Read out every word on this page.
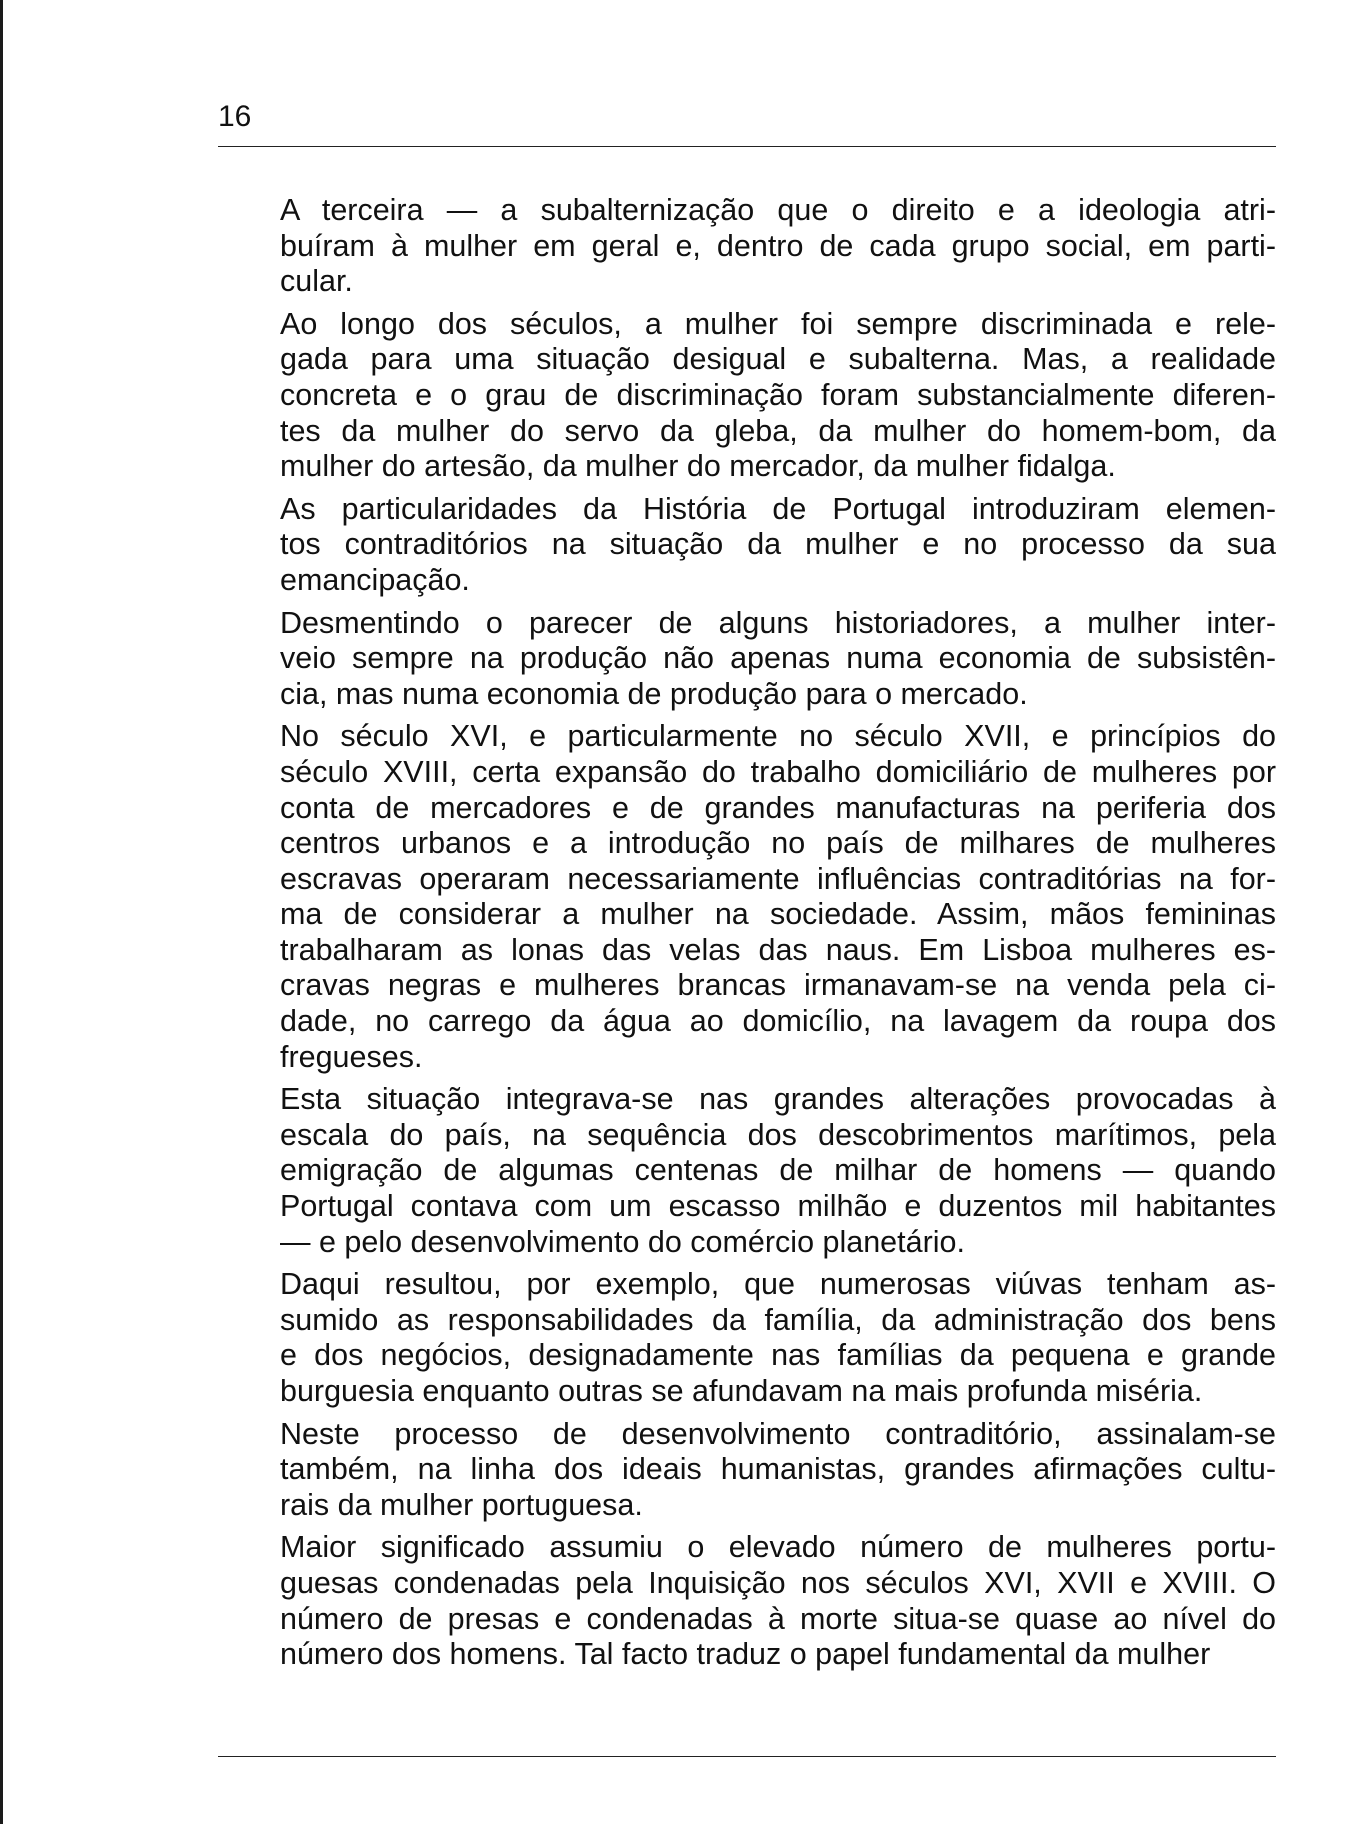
16

A terceira — a subalternização que o direito e a ideologia atri-
buíram à mulher em geral e, dentro de cada grupo social, em parti-
cular.

Ao longo dos séculos, a mulher foi sempre discriminada e rele-
gada para uma situação desigual e subalterna. Mas, a realidade
concreta e o grau de discriminação foram substancialmente diferen-
tes da mulher do servo da gleba, da mulher do homem-bom, da
mulher do artesão, da mulher do mercador, da mulher fidalga.

As particularidades da História de Portugal introduziram elemen-
tos contraditórios na situação da mulher e no processo da sua
emancipação.

Desmentindo o parecer de alguns historiadores, a mulher inter-
veio sempre na produção não apenas numa economia de subsistên-
cia, mas numa economia de produção para o mercado.

No século XVI, e particularmente no século XVII, e princípios do
século XVIII, certa expansão do trabalho domiciliário de mulheres por
conta de mercadores e de grandes manufacturas na periferia dos
centros urbanos e a introdução no país de milhares de mulheres
escravas operaram necessariamente influências contraditórias na for-
ma de considerar a mulher na sociedade. Assim, mãos femininas
trabalharam as lonas das velas das naus. Em Lisboa mulheres es-
cravas negras e mulheres brancas irmanavam-se na venda pela ci-
dade, no carrego da água ao domicílio, na lavagem da roupa dos
fregueses.

Esta situação integrava-se nas grandes alterações provocadas à
escala do país, na sequência dos descobrimentos marítimos, pela
emigração de algumas centenas de milhar de homens — quando
Portugal contava com um escasso milhão e duzentos mil habitantes
— e pelo desenvolvimento do comércio planetário.

Daqui resultou, por exemplo, que numerosas viúvas tenham as-
sumido as responsabilidades da família, da administração dos bens
e dos negócios, designadamente nas famílias da pequena e grande
burguesia enquanto outras se afundavam na mais profunda miséria.

Neste processo de desenvolvimento contraditório, assinalam-se
também, na linha dos ideais humanistas, grandes afirmações cultu-
rais da mulher portuguesa.

Maior significado assumiu o elevado número de mulheres portu-
guesas condenadas pela Inquisição nos séculos XVI, XVII e XVIII. O
número de presas e condenadas à morte situa-se quase ao nível do
número dos homens. Tal facto traduz o papel fundamental da mulher
